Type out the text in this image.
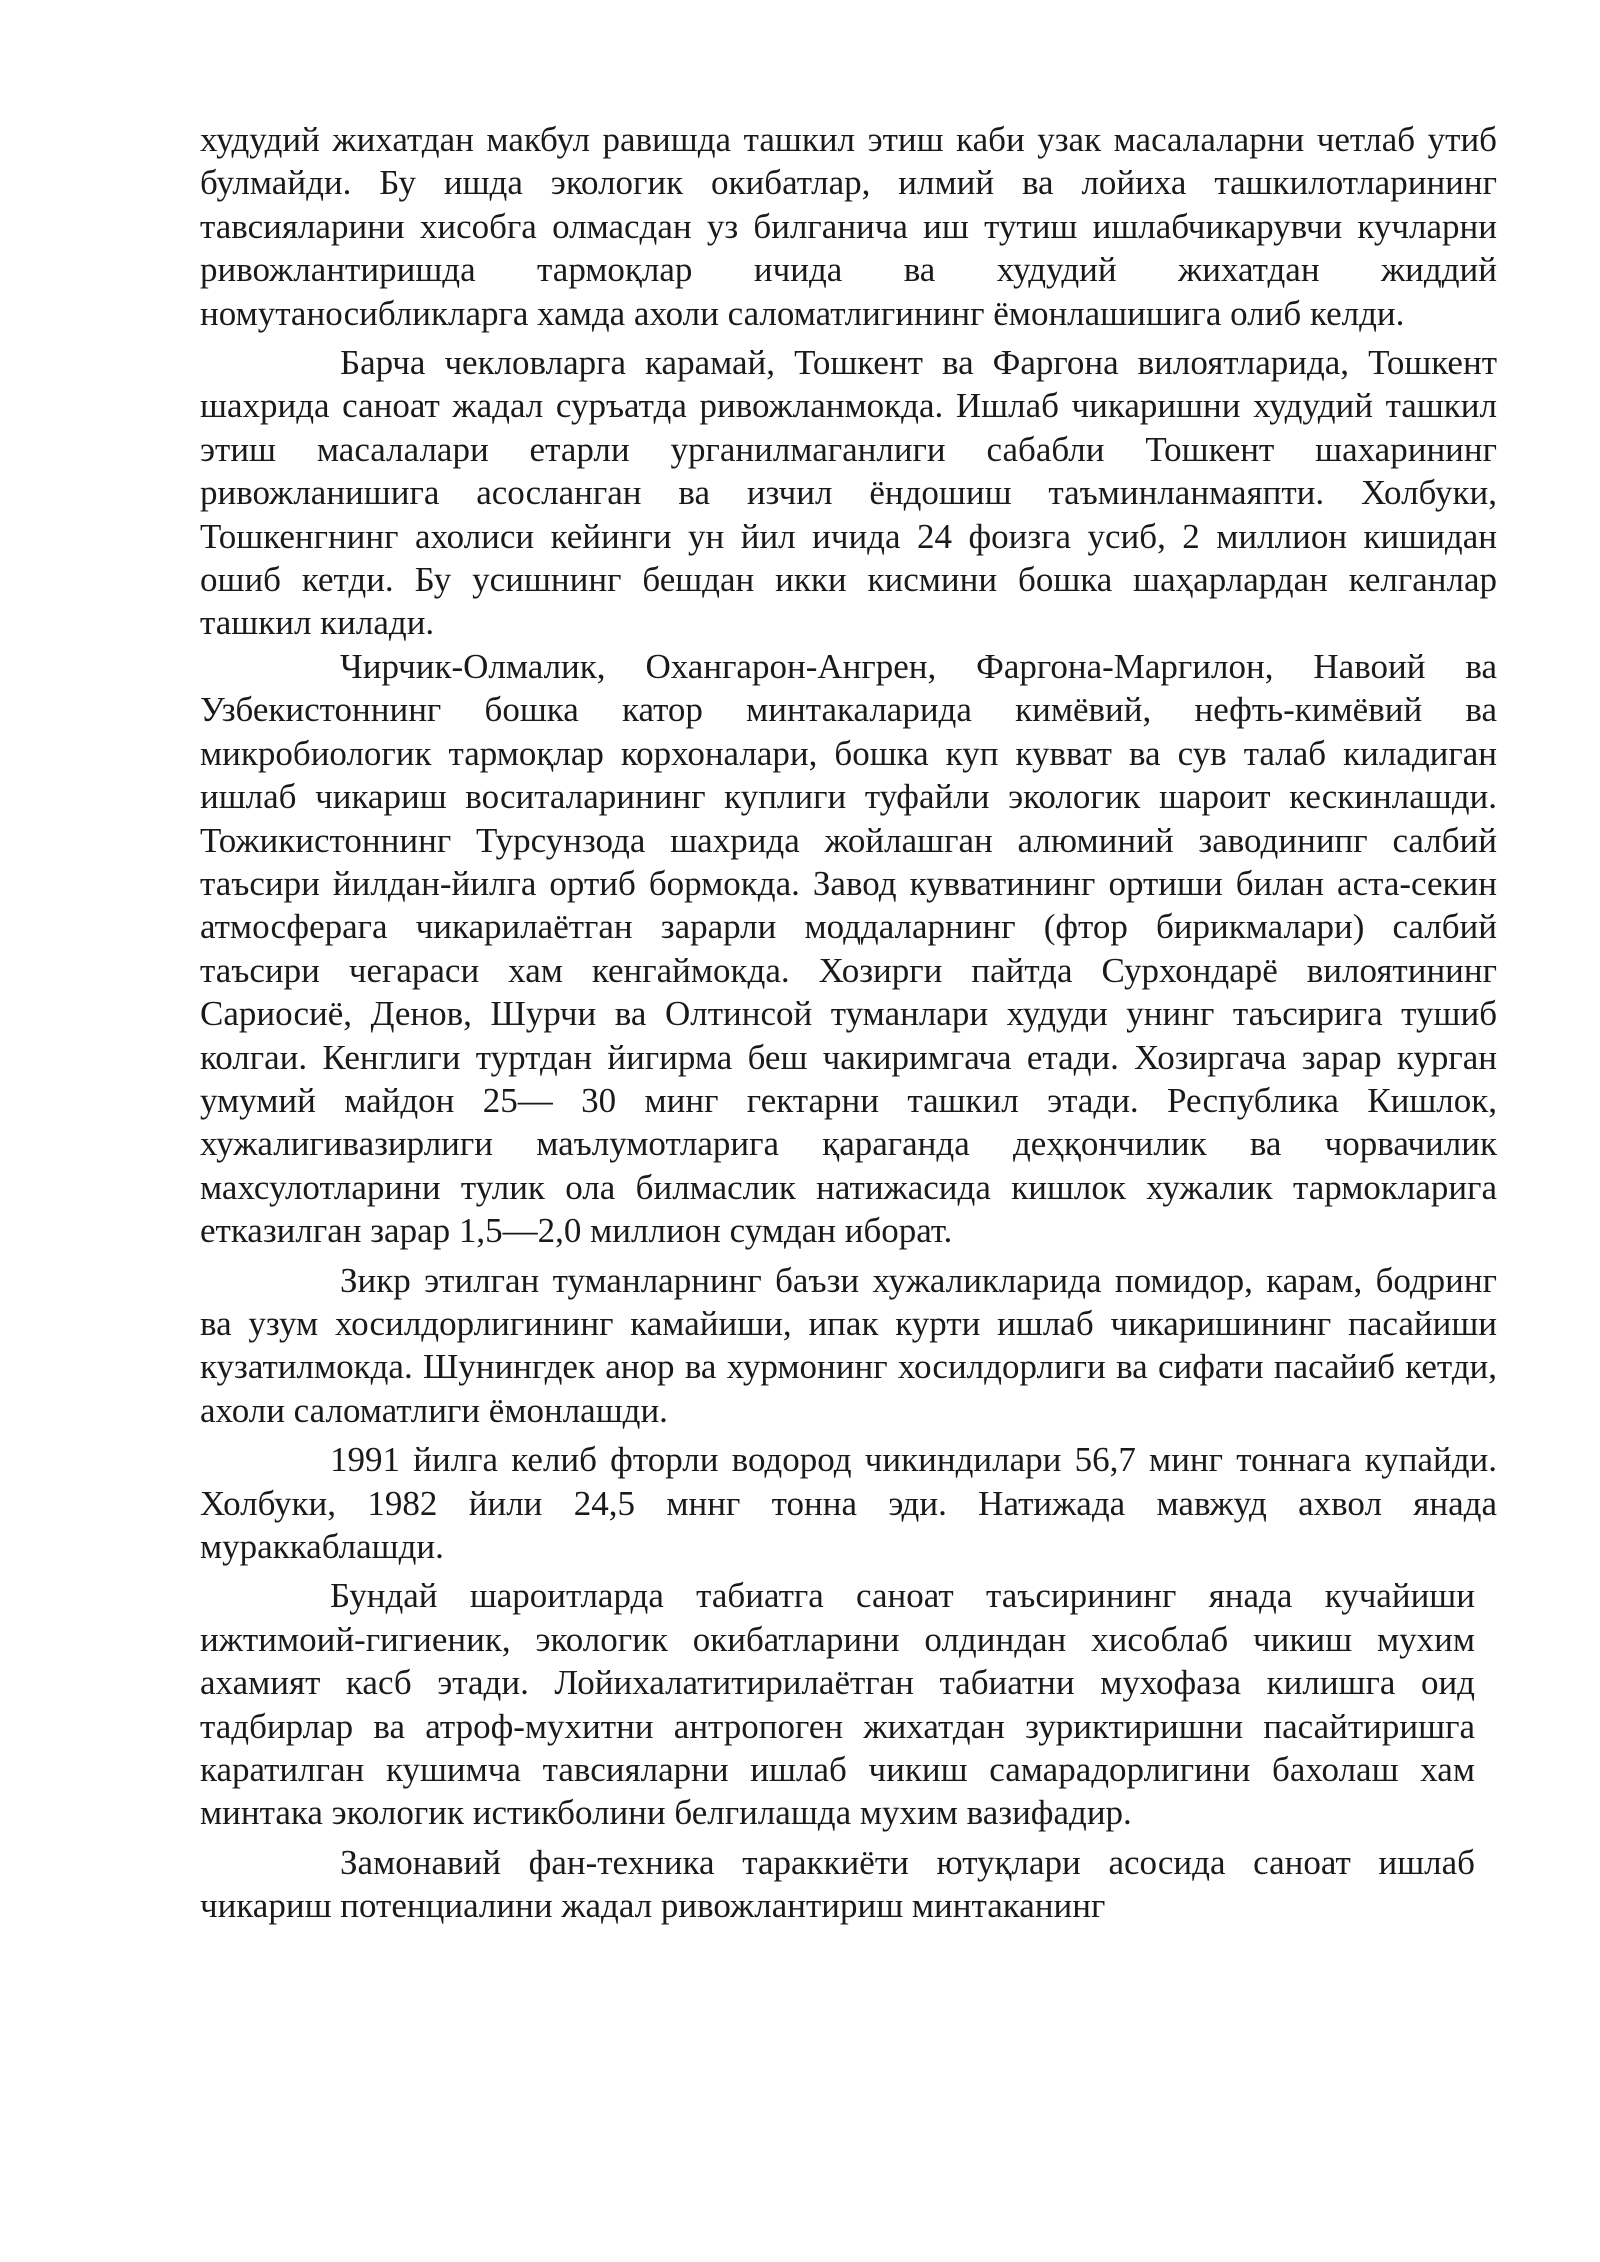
худудий жихатдан макбул равишда ташкил этиш каби узак масалаларни четлаб утиб булмайди. Бу ишда экологик окибатлар, илмий ва лойиха ташкилотларининг тавсияларини хисобга олмасдан уз билганича иш тутиш ишлабчикарувчи кучларни ривожлантиришда тармоқлар ичида ва худудий жихатдан жиддий номутаносибликларга хамда ахоли саломатлигининг ёмонлашишига олиб келди.

Барча чекловларга карамай, Тошкент ва Фаргона вилоятларида, Тошкент шахрида саноат жадал суръатда ривожланмокда. Ишлаб чикаришни худудий ташкил этиш масалалари етарли урганилмаганлиги сабабли Тошкент шахарининг ривожланишига асосланган ва изчил ёндошиш таъминланмаяпти. Холбуки, Тошкенгнинг ахолиси кейинги ун йил ичида 24 фоизга усиб, 2 миллион кишидан ошиб кетди. Бу усишнинг бешдан икки кисмини бошка шаҳарлардан келганлар ташкил килади.

Чирчик-Олмалик, Охангарон-Ангрен, Фаргона-Маргилон, Навоий ва Узбекистоннинг бошка катор минтакаларида кимёвий, нефть-кимёвий ва микробиологик тармоқлар корхоналари, бошка куп кувват ва сув талаб киладиган ишлаб чикариш воситаларининг куплиги туфайли экологик шароит кескинлашди. Тожикистоннинг Турсунзода шахрида жойлашган алюминий заводинипг салбий таъсири йилдан-йилга ортиб бормокда. Завод кувватининг ортиши билан аста-секин атмосферага чикарилаётган зарарли моддаларнинг (фтор бирикмалари) салбий таъсири чегараси хам кенгаймокда. Хозирги пайтда Сурхондарё вилоятининг Сариосиё, Денов, Шурчи ва Олтинсой туманлари худуди унинг таъсирига тушиб колгаи. Кенглиги туртдан йигирма беш чакиримгача етади. Хозиргача зарар курган умумий майдон 25— 30 минг гектарни ташкил этади. Республика Кишлок, хужалигивазирлиги маълумотларига қараганда деҳқончилик ва чорвачилик махсулотларини тулик ола билмаслик натижасида кишлок хужалик тармокларига етказилган зарар 1,5—2,0 миллион сумдан иборат.

Зикр этилган туманларнинг баъзи хужаликларида помидор, карам, бодринг ва узум хосилдорлигининг камайиши, ипак курти ишлаб чикаришининг пасайиши кузатилмокда. Шунингдек анор ва хурмонинг хосилдорлиги ва сифати пасайиб кетди, ахоли саломатлиги ёмонлашди.

1991 йилга келиб фторли водород чикиндилари 56,7 минг тоннага купайди. Холбуки, 1982 йили 24,5 мннг тонна эди. Натижада мавжуд ахвол янада мураккаблашди.

Бундай шароитларда табиатга саноат таъсирининг янада кучайиши ижтимоий-гигиеник, экологик окибатларини олдиндан хисоблаб чикиш мухим ахамият касб этади. Лойихалатитирилаётган табиатни мухофаза килишга оид тадбирлар ва атроф-мухитни антропоген жихатдан зуриктиришни пасайтиришга каратилган кушимча тавсияларни ишлаб чикиш самарадорлигини бахолаш хам минтака экологик истикболини белгилашда мухим вазифадир.

Замонавий фан-техника тараккиёти ютуқлари асосида саноат ишлаб чикариш потенциалини жадал ривожлантириш минтаканинг
